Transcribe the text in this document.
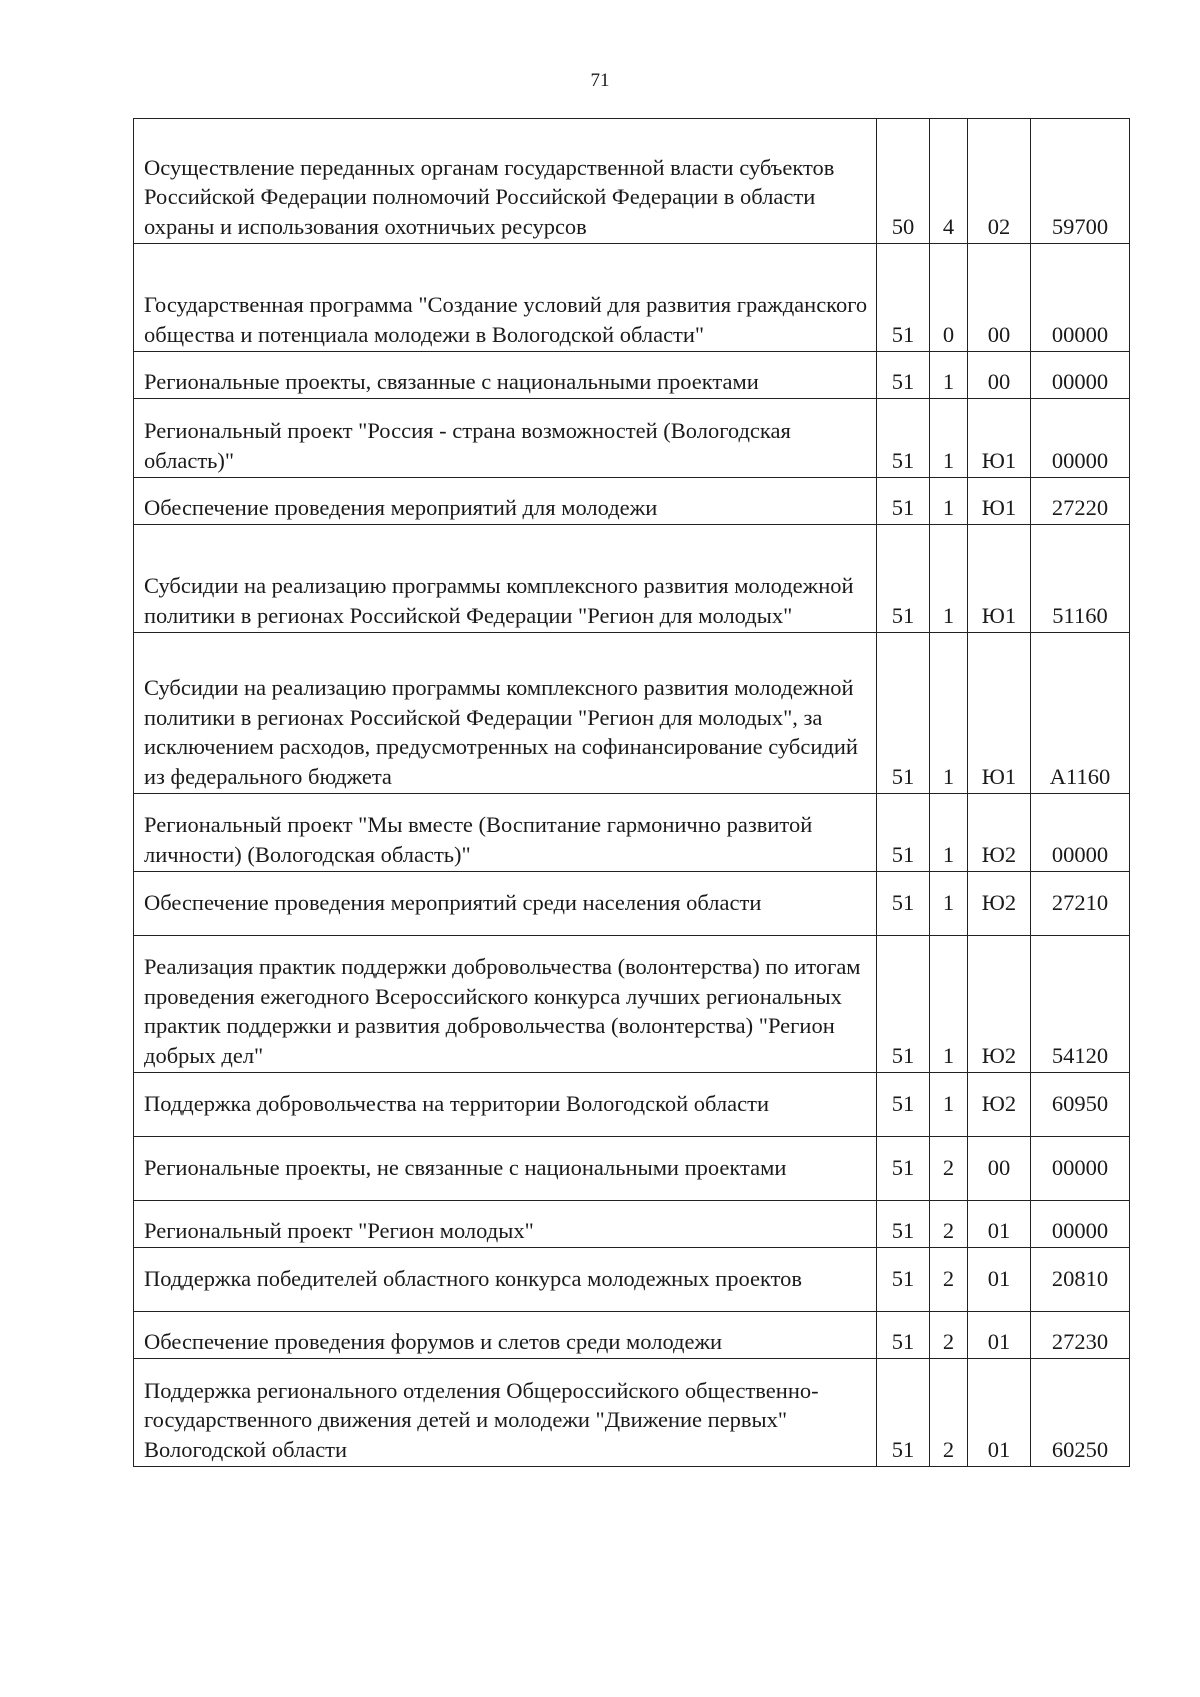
71
Осуществление переданных органам государственной власти субъектов Российской Федерации полномочий Российской Федерации в области охраны и использования охотничьих ресурсов	50	4	02	59700
Государственная программа "Создание условий для развития гражданского общества и потенциала молодежи в Вологодской области"	51	0	00	00000
Региональные проекты, связанные с национальными проектами	51	1	00	00000
Региональный проект "Россия - страна возможностей (Вологодская область)"	51	1	Ю1	00000
Обеспечение проведения мероприятий для молодежи	51	1	Ю1	27220
Субсидии на реализацию программы комплексного развития молодежной политики в регионах Российской Федерации "Регион для молодых"	51	1	Ю1	51160
Субсидии на реализацию программы комплексного развития молодежной политики в регионах Российской Федерации "Регион для молодых", за исключением расходов, предусмотренных на софинансирование субсидий из федерального бюджета	51	1	Ю1	А1160
Региональный проект "Мы вместе (Воспитание гармонично развитой личности) (Вологодская область)"	51	1	Ю2	00000
Обеспечение проведения мероприятий среди населения области	51	1	Ю2	27210
Реализация практик поддержки добровольчества (волонтерства) по итогам проведения ежегодного Всероссийского конкурса лучших региональных практик поддержки и развития добровольчества (волонтерства) "Регион добрых дел"	51	1	Ю2	54120
Поддержка добровольчества на территории Вологодской области	51	1	Ю2	60950
Региональные проекты, не связанные с национальными проектами	51	2	00	00000
Региональный проект "Регион молодых"	51	2	01	00000
Поддержка победителей областного конкурса молодежных проектов	51	2	01	20810
Обеспечение проведения форумов и слетов среди молодежи	51	2	01	27230
Поддержка регионального отделения Общероссийского общественно-государственного движения детей и молодежи "Движение первых" Вологодской области	51	2	01	60250
